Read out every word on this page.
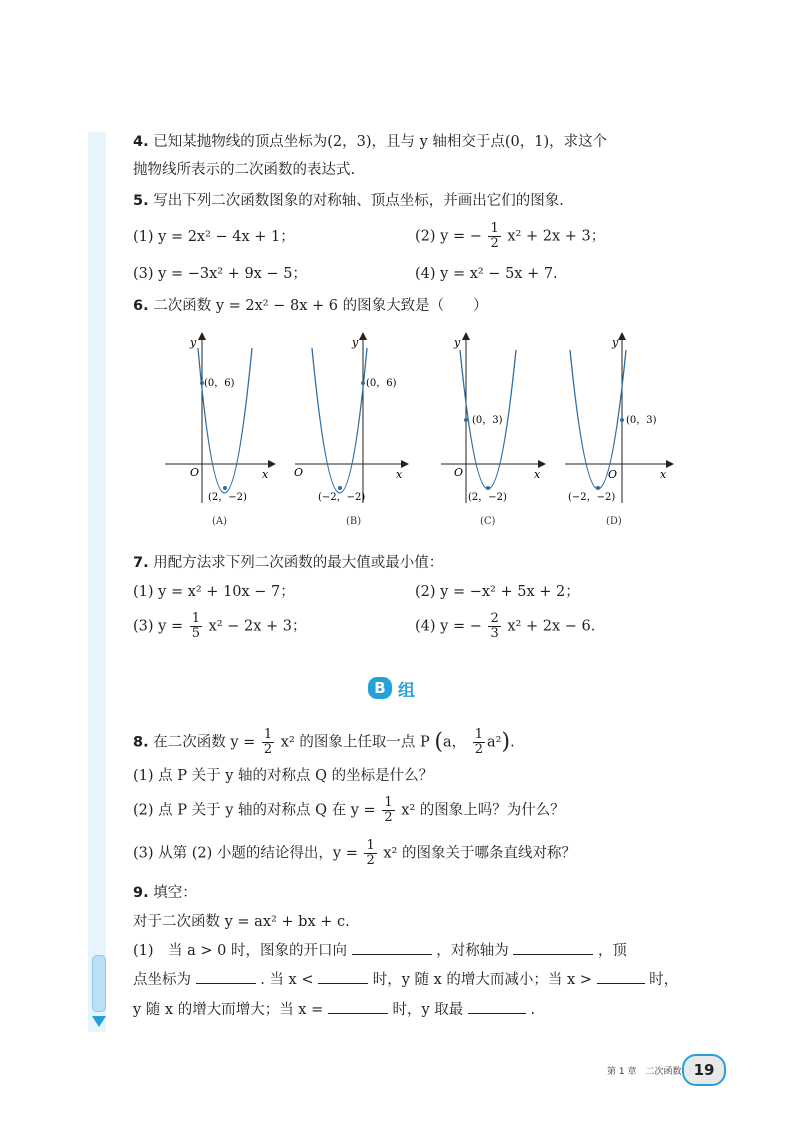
4. 已知某抛物线的顶点坐标为(2，3)，且与 y 轴相交于点(0，1)，求这个
抛物线所表示的二次函数的表达式.
5. 写出下列二次函数图象的对称轴、顶点坐标，并画出它们的图象.
(1) y = 2x² − 4x + 1；	(2) y = − $\frac{1}{2} x^2 + 2x + 3$；
(3) y = −3x² + 9x − 5；	(4) y = x² − 5x + 7.
6. 二次函数 y = 2x² − 8x + 6 的图象大致是（　　）
y
x
O
(0，6)
(2，−2)
y
x
O
(0，6)
(−2，−2)
y
x
O
(0，3)
(2，−2)
y
x
O
(0，3)
(−2，−2)
(A)	(B)	(C)	(D)
7. 用配方法求下列二次函数的最大值或最小值：
(1) y = x² + 10x − 7；	(2) y = −x² + 5x + 2；
(3) $y = \frac{1}{5} x^2 - 2x + 3$；	(4) y = − $\frac{2}{3} x^2 + 2x - 6$.
B 组
8. 在二次函数 $y = \frac{1}{2} x^2$ 的图象上任取一点 P (a， $\frac{1}{2} a^2$).
(1) 点 P 关于 y 轴的对称点 Q 的坐标是什么？
(2) 点 P 关于 y 轴的对称点 Q 在 $y = \frac{1}{2} x^2$ 的图象上吗？为什么？
(3) 从第 (2) 小题的结论得出，$y = \frac{1}{2} x^2$ 的图象关于哪条直线对称？
9. 填空：
对于二次函数 y = ax² + bx + c.
(1)　当 a > 0 时，图象的开口向	，对称轴为	，顶
点坐标为	. 当 x <	时，y 随 x 的增大而减小；当 x >	时，
y 随 x 的增大而增大；当 x =	时，y 取最	.
第 1 章　二次函数 19
